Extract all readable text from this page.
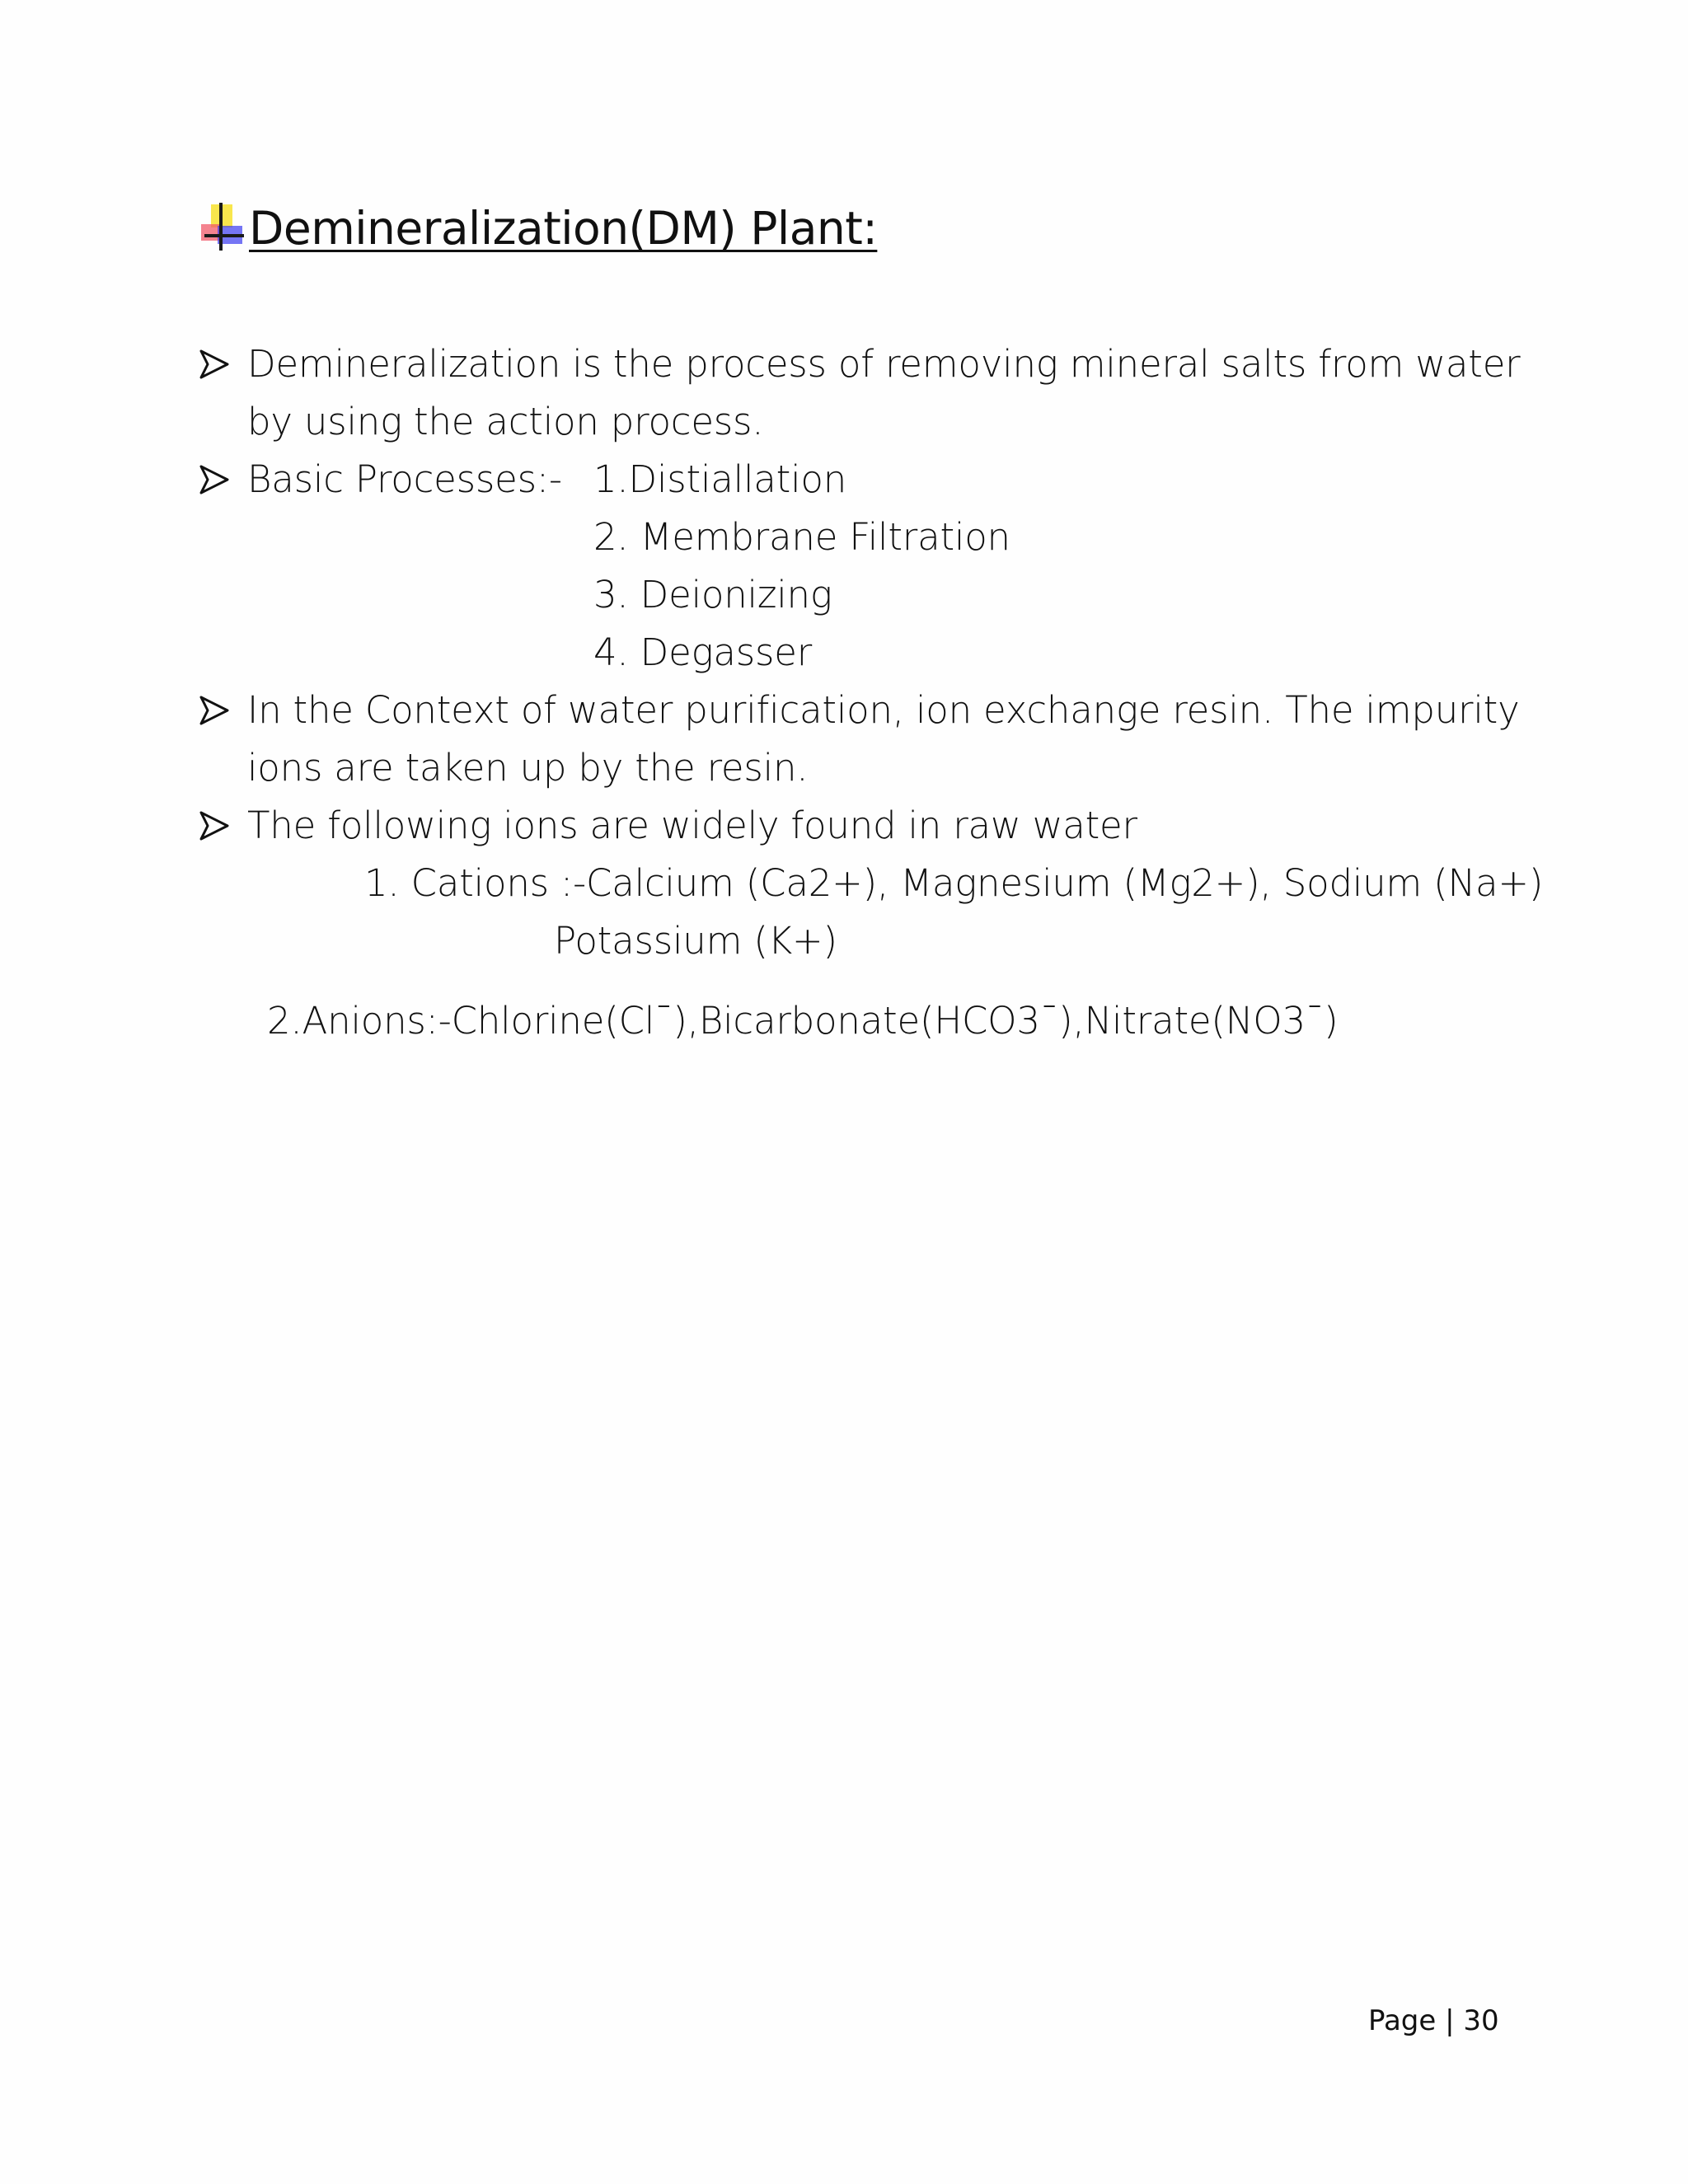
Demineralization(DM) Plant:
Demineralization is the process of removing mineral salts from water
by using the action process.
Basic Processes:- 1.Distiallation
2. Membrane Filtration
3. Deionizing
4. Degasser
In the Context of water purification, ion exchange resin. The impurity
ions are taken up by the resin.
The following ions are widely found in raw water
1. Cations :-Calcium (Ca2+), Magnesium (Mg2+), Sodium (Na+)
Potassium (K+)
2.Anions:-Chlorine(Cl¯),Bicarbonate(HCO3¯),Nitrate(NO3¯)
Page | 30
